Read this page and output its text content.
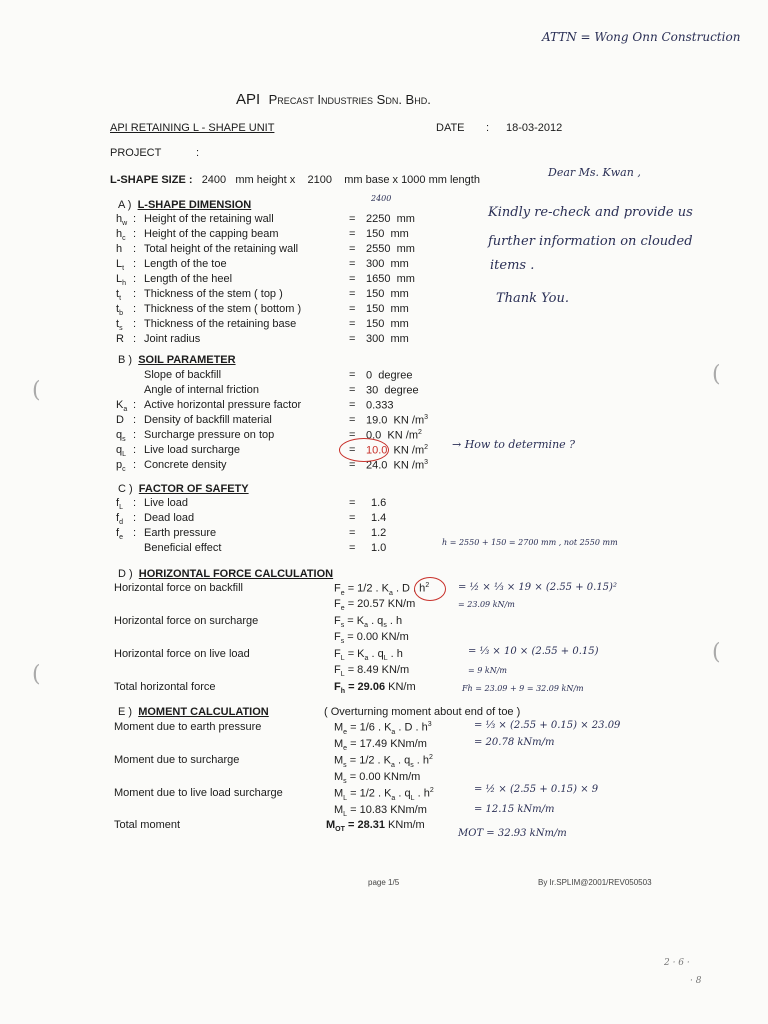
ATTN = Wong Onn Construction
API Precast Industries Sdn. Bhd.
API RETAINING L - SHAPE UNIT	DATE : 18-03-2012
PROJECT	:
L-SHAPE SIZE : 2400 mm height x 2100 mm base x 1000 mm length
Dear Ms. Kwan ,
Kindly re-check and provide us
further information on clouded
items .
Thank You.
2400
A ) L-SHAPE DIMENSION
$h_w$ : Height of the retaining wall	= 2250 mm
$h_c$ : Height of the capping beam	= 150 mm
h : Total height of the retaining wall	= 2550 mm
$L_t$ : Length of the toe	= 300 mm
$L_h$ : Length of the heel	= 1650 mm
$t_t$ : Thickness of the stem ( top )	= 150 mm
$t_b$ : Thickness of the stem ( bottom )	= 150 mm
$t_s$ : Thickness of the retaining base	= 150 mm
R : Joint radius	= 300 mm
B ) SOIL PARAMETER
Slope of backfill	= 0 degree
Angle of internal friction	= 30 degree
$K_a$ : Active horizontal pressure factor	= 0.333
D : Density of backfill material	= 19.0 KN $/m^3$
$q_s$ : Surcharge pressure on top	= 0.0 KN $/m^2$
$q_L$ : Live load surcharge	= 10.0 KN $/m^2$
$p_c$ : Concrete density	= 24.0 KN $/m^3$
→ How to determine ?
C ) FACTOR OF SAFETY
$f_L$ : Live load	= 1.6
$f_d$ : Dead load	= 1.4
$f_e$ : Earth pressure	= 1.2
Beneficial effect	= 1.0	h = 2550 + 150 = 2700 mm , not 2550 mm
D ) HORIZONTAL FORCE CALCULATION
Horizontal force on backfill	$F_e = 1/2$ . $K_a$ . D . $h^2$
$F_e = 20.57$ KN/m
= ½ × ⅓ × 19 × (2.55 + 0.15)²
= 23.09 kN/m
Horizontal force on surcharge	$F_s = K_a$ . $q_s$ . h
$F_s = 0.00$ KN/m
Horizontal force on live load	$F_L = K_a$ . $q_L$ . h
$F_L = 8.49$ KN/m
= ⅓ × 10 × (2.55 + 0.15)
= 9 kN/m
Total horizontal force	$F_h = 29.06$ KN/m	Fh = 23.09 + 9 = 32.09 kN/m
E ) MOMENT CALCULATION	( Overturning moment about end of toe )
Moment due to earth pressure	$M_e = 1/6$ . $K_a$ . D . $h^3$
$M_e = 17.49$ KNm/m
= ⅓ × (2.55 + 0.15) × 23.09
= 20.78 kNm/m
Moment due to surcharge	$M_s = 1/2$ . $K_a$ . $q_s$ . $h^2$
$M_s = 0.00$ KNm/m
Moment due to live load surcharge	$M_L = 1/2$ . $K_a$ . $q_L$ . $h^2$
$M_L = 10.83$ KNm/m
= ½ × (2.55 + 0.15) × 9
= 12.15 kNm/m
Total moment	$M_{OT} = 28.31$ KNm/m
MOT = 32.93 kNm/m
page 1/5	By Ir.SPLIM@2001/REV050503
2 · 6 ·
· 8
(
(
(
(
